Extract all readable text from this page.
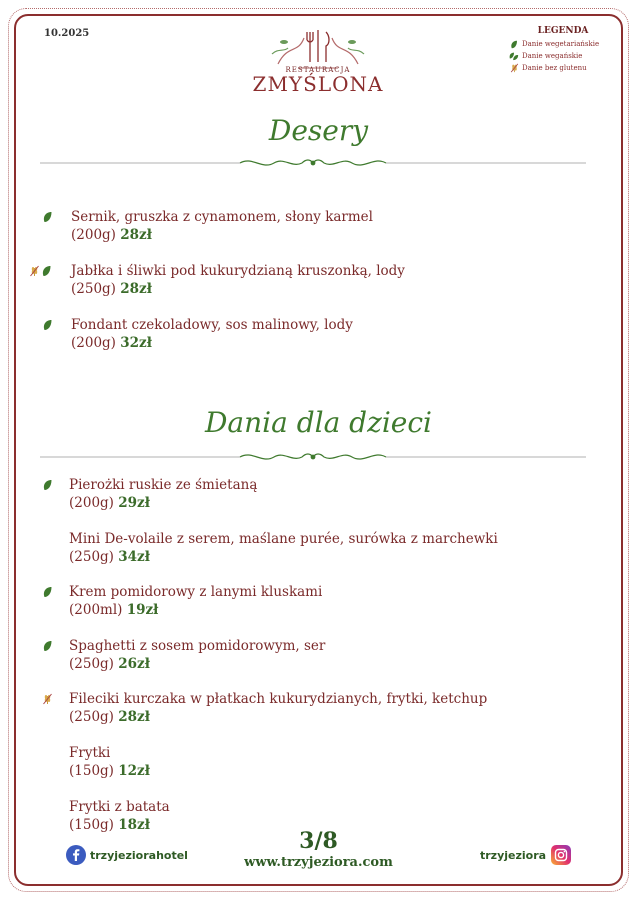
10.2025	LEGENDA
Danie wegetariańskie
Danie wegańskie
Danie bez glutenu
RESTAURACJA
ZMYŚLONA
Desery
Sernik, gruszka z cynamonem, słony karmel
(200g) 28zł
Jabłka i śliwki pod kukurydzianą kruszonką, lody
(250g) 28zł
Fondant czekoladowy, sos malinowy, lody
(200g) 32zł
Dania dla dzieci
Pierożki ruskie ze śmietaną
(200g) 29zł
Mini De-volaile z serem, maślane purée, surówka z marchewki
(250g) 34zł
Krem pomidorowy z lanymi kluskami
(200ml) 19zł
Spaghetti z sosem pomidorowym, ser
(250g) 26zł
Fileciki kurczaka w płatkach kukurydzianych, frytki, ketchup
(250g) 28zł
Frytki
(150g) 12zł
Frytki z batata
(150g) 18zł
trzyjeziorahotel
3/8
www.trzyjeziora.com	trzyjeziora
